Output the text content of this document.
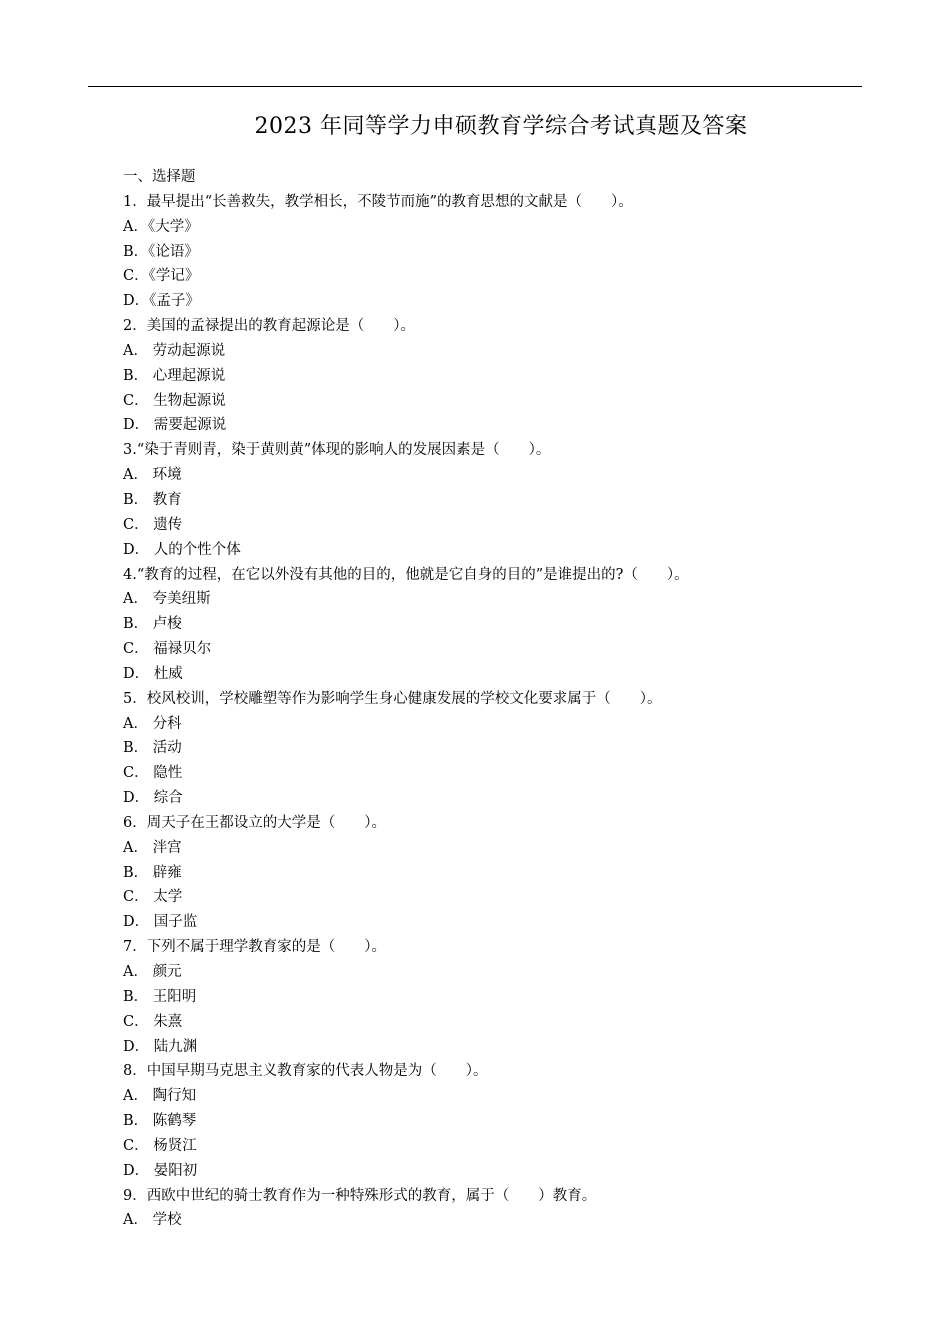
2023 年同等学力申硕教育学综合考试真题及答案
一、选择题
1．最早提出“长善救失，教学相长，不陵节而施”的教育思想的文献是（　　）。
A．《大学》
B．《论语》
C．《学记》
D．《孟子》
2．美国的孟禄提出的教育起源论是（　　）。
A． 劳动起源说
B． 心理起源说
C． 生物起源说
D． 需要起源说
3.“染于青则青，染于黄则黄”体现的影响人的发展因素是（　　）。
A． 环境
B． 教育
C． 遗传
D． 人的个性个体
4.“教育的过程，在它以外没有其他的目的，他就是它自身的目的”是谁提出的?（　　）。
A． 夸美纽斯
B． 卢梭
C． 福禄贝尔
D． 杜威
5．校风校训，学校雕塑等作为影响学生身心健康发展的学校文化要求属于（　　）。
A． 分科
B． 活动
C． 隐性
D． 综合
6．周天子在王都设立的大学是（　　）。
A． 泮宫
B． 辟雍
C． 太学
D． 国子监
7．下列不属于理学教育家的是（　　）。
A． 颜元
B． 王阳明
C． 朱熹
D． 陆九渊
8．中国早期马克思主义教育家的代表人物是为（　　）。
A． 陶行知
B． 陈鹤琴
C． 杨贤江
D． 晏阳初
9．西欧中世纪的骑士教育作为一种特殊形式的教育，属于（　　）教育。
A． 学校
